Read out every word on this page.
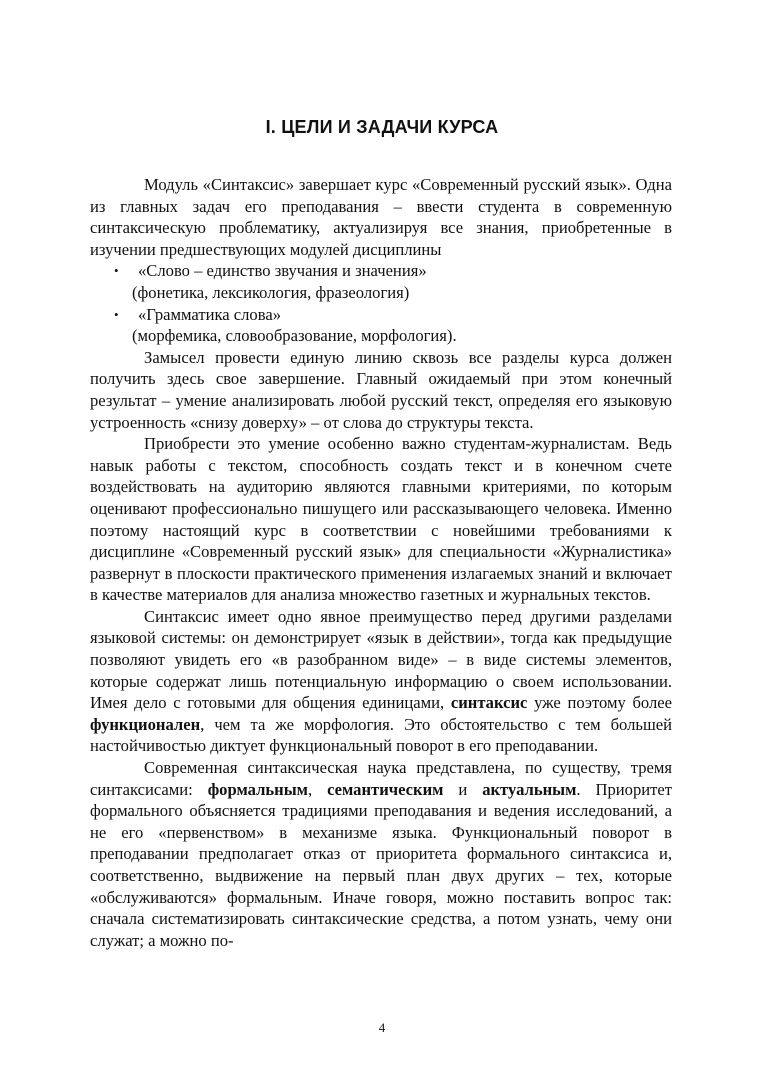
I. ЦЕЛИ И ЗАДАЧИ КУРСА

Модуль «Синтаксис» завершает курс «Современный русский язык». Одна из главных задач его преподавания – ввести студента в современную синтаксическую проблематику, актуализируя все знания, приобретенные в изучении предшествующих модулей дисциплины

• «Слово – единство звучания и значения»
(фонетика, лексикология, фразеология)
• «Грамматика слова»
(морфемика, словообразование, морфология).

Замысел провести единую линию сквозь все разделы курса должен получить здесь свое завершение. Главный ожидаемый при этом конечный результат – умение анализировать любой русский текст, определяя его языковую устроенность «снизу доверху» – от слова до структуры текста.

Приобрести это умение особенно важно студентам-журналистам. Ведь навык работы с текстом, способность создать текст и в конечном счете воздействовать на аудиторию являются главными критериями, по которым оценивают профессионально пишущего или рассказывающего человека. Именно поэтому настоящий курс в соответствии с новейшими требованиями к дисциплине «Современный русский язык» для специальности «Журналистика» развернут в плоскости практического применения излагаемых знаний и включает в качестве материалов для анализа множество газетных и журнальных текстов.

Синтаксис имеет одно явное преимущество перед другими разделами языковой системы: он демонстрирует «язык в действии», тогда как предыдущие позволяют увидеть его «в разобранном виде» – в виде системы элементов, которые содержат лишь потенциальную информацию о своем использовании. Имея дело с готовыми для общения единицами, синтаксис уже поэтому более функционален, чем та же морфология. Это обстоятельство с тем большей настойчивостью диктует функциональный поворот в его преподавании.

Современная синтаксическая наука представлена, по существу, тремя синтаксисами: формальным, семантическим и актуальным. Приоритет формального объясняется традициями преподавания и ведения исследований, а не его «первенством» в механизме языка. Функциональный поворот в преподавании предполагает отказ от приоритета формального синтаксиса и, соответственно, выдвижение на первый план двух других – тех, которые «обслуживаются» формальным. Иначе говоря, можно поставить вопрос так: сначала систематизировать синтаксические средства, а потом узнать, чему они служат; а можно по-

4
